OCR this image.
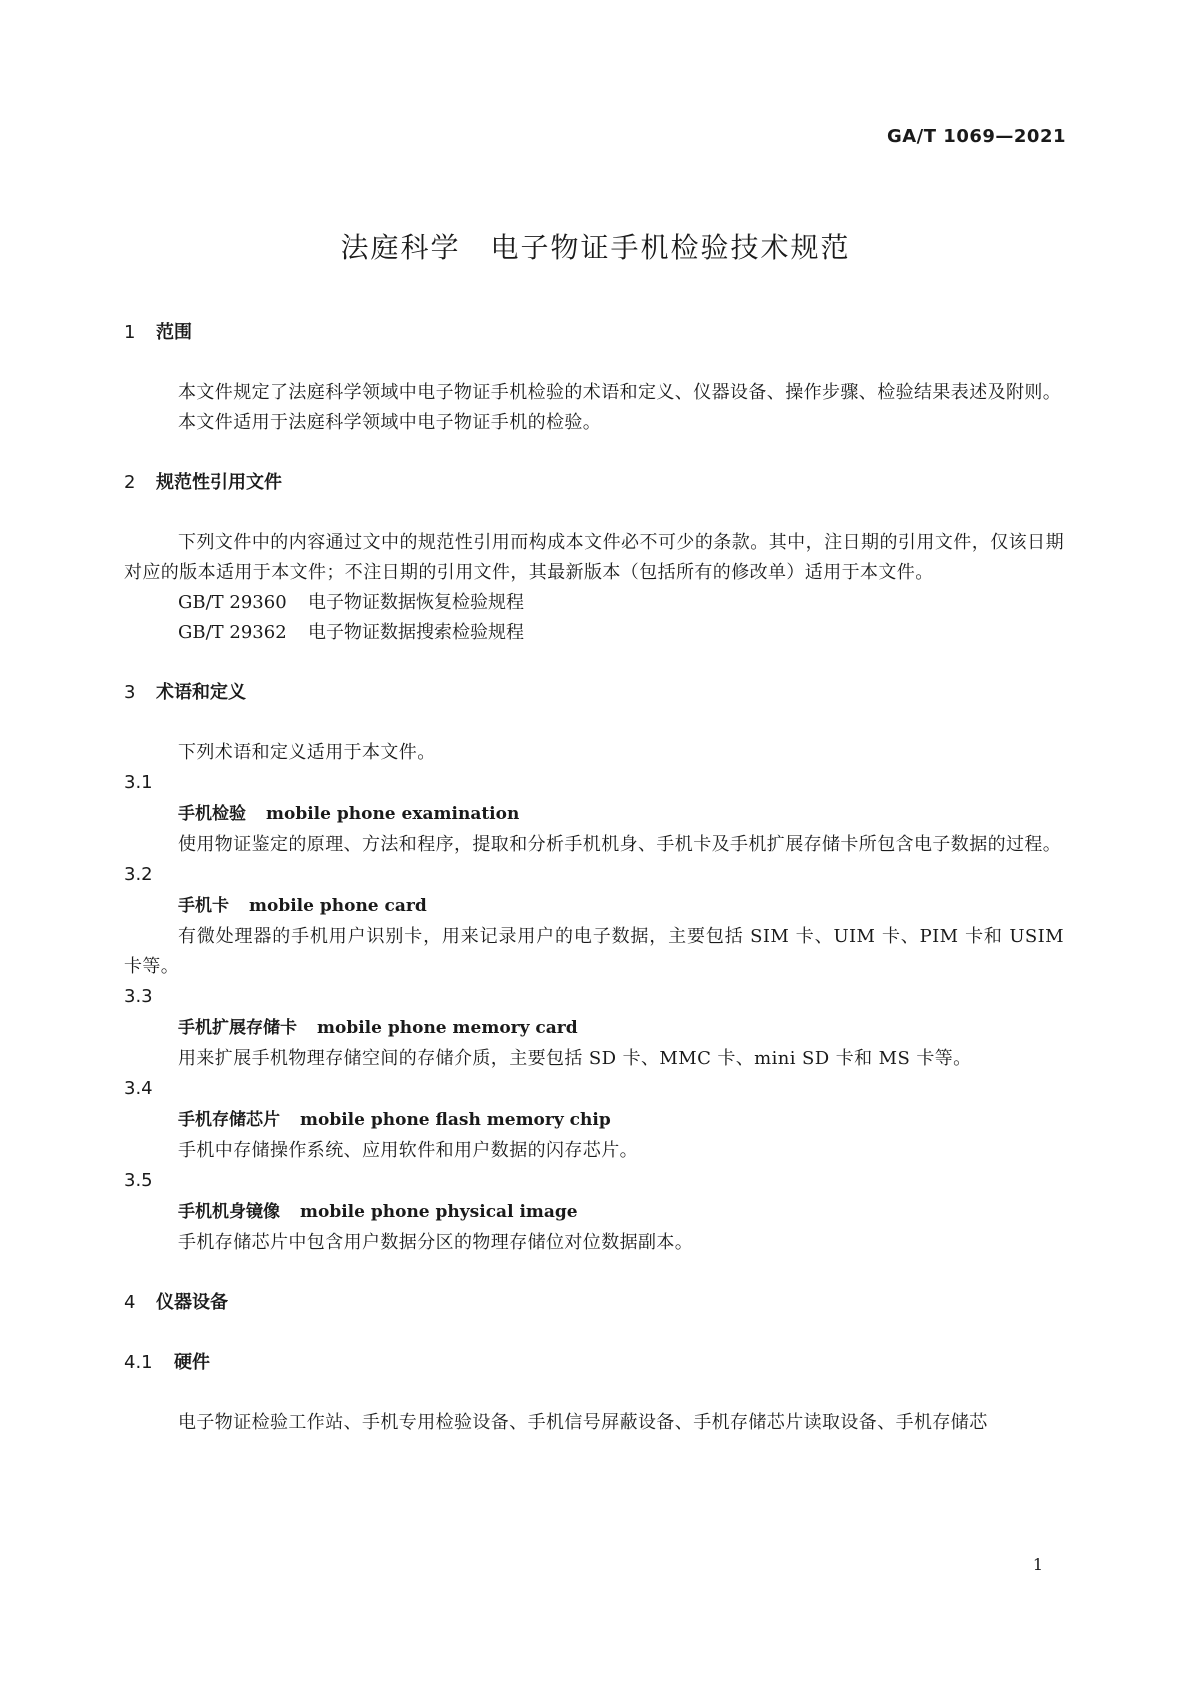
GA/T 1069—2021
法庭科学　电子物证手机检验技术规范
1 范围

本文件规定了法庭科学领域中电子物证手机检验的术语和定义、仪器设备、操作步骤、检验结果表述及附则。

本文件适用于法庭科学领域中电子物证手机的检验。

2 规范性引用文件

下列文件中的内容通过文中的规范性引用而构成本文件必不可少的条款。其中，注日期的引用文件，仅该日期对应的版本适用于本文件；不注日期的引用文件，其最新版本（包括所有的修改单）适用于本文件。

GB/T 29360 电子物证数据恢复检验规程
GB/T 29362 电子物证数据搜索检验规程
3 术语和定义

下列术语和定义适用于本文件。

3.1

手机检验 mobile phone examination

使用物证鉴定的原理、方法和程序，提取和分析手机机身、手机卡及手机扩展存储卡所包含电子数据的过程。

3.2

手机卡 mobile phone card

有微处理器的手机用户识别卡，用来记录用户的电子数据，主要包括 SIM 卡、UIM 卡、PIM 卡和 USIM 卡等。

3.3

手机扩展存储卡 mobile phone memory card

用来扩展手机物理存储空间的存储介质，主要包括 SD 卡、MMC 卡、mini SD 卡和 MS 卡等。

3.4

手机存储芯片 mobile phone flash memory chip

手机中存储操作系统、应用软件和用户数据的闪存芯片。

3.5

手机机身镜像 mobile phone physical image

手机存储芯片中包含用户数据分区的物理存储位对位数据副本。

4 仪器设备
4.1 硬件

电子物证检验工作站、手机专用检验设备、手机信号屏蔽设备、手机存储芯片读取设备、手机存储芯

1
